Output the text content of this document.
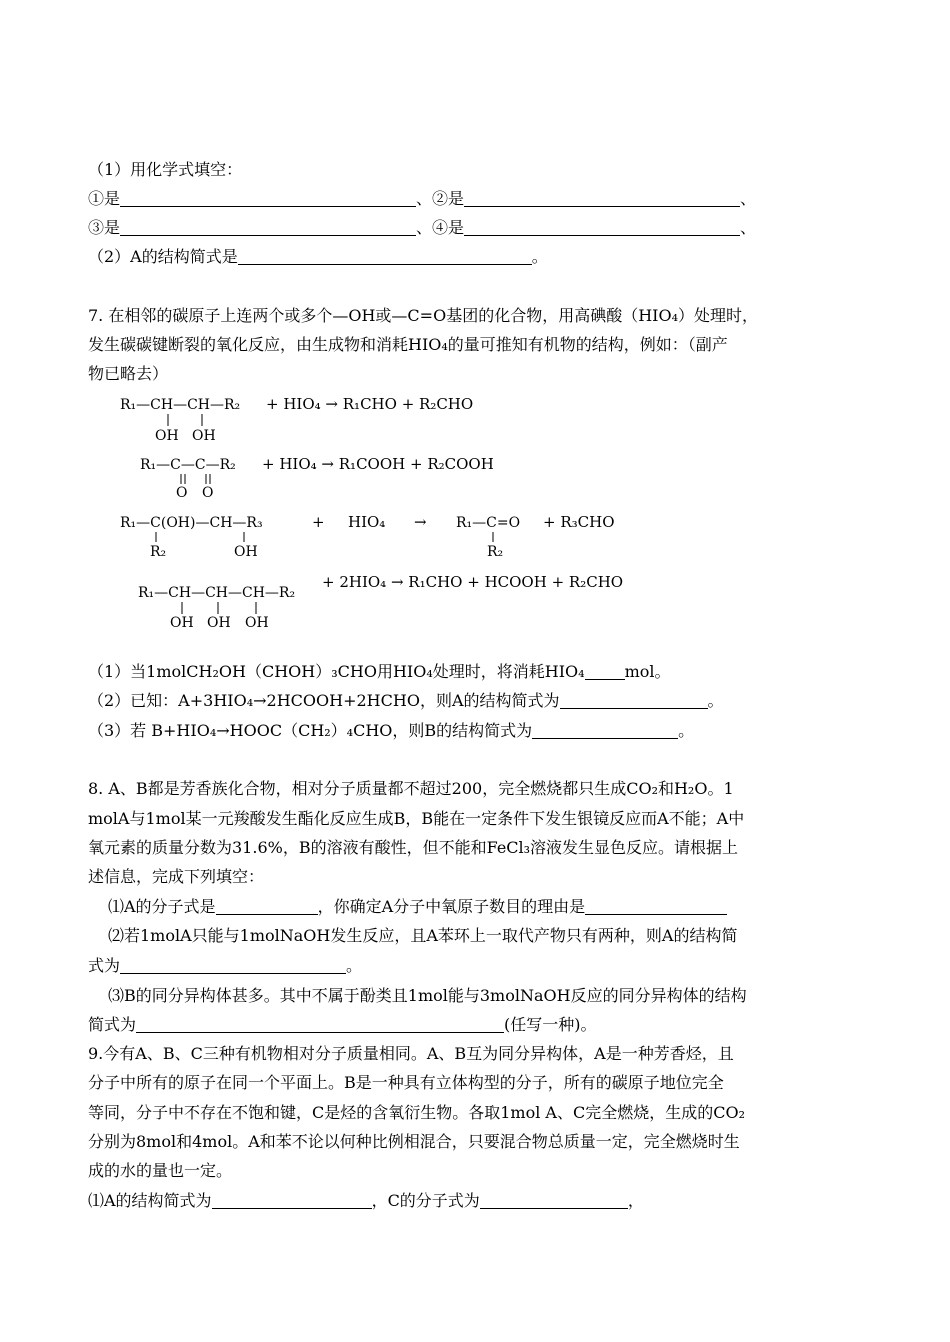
（1）用化学式填空：
①是	、②是	、
③是	、④是	、
（2）A的结构简式是	。
7. 在相邻的碳原子上连两个或多个—OH或—C=O基团的化合物，用高碘酸（HIO₄）处理时，
发生碳碳键断裂的氧化反应，由生成物和消耗HIO₄的量可推知有机物的结构，例如：（副产
物已略去）
R₁—CH—CH—R₂
OH OH
R₁—C—C—R₂
O O
R₁—C(OH)—CH—R₃
R₂	OH
R₁—C=O
R₂
R₁—CH—CH—CH—R₂
OH OH OH
+ HIO₄ → R₁CHO + R₂CHO
+ HIO₄ → R₁COOH + R₂COOH
+ HIO₄ →	+ R₃CHO
+ 2HIO₄ → R₁CHO + HCOOH + R₂CHO
（1）当1molCH₂OH（CHOH）₃CHO用HIO₄处理时，将消耗HIO₄	mol。
（2）已知：A+3HIO₄→2HCOOH+2HCHO，则A的结构简式为	。
（3）若 B+HIO₄→HOOC（CH₂）₄CHO，则B的结构简式为	。
8. A、B都是芳香族化合物，相对分子质量都不超过200，完全燃烧都只生成CO₂和H₂O。1
molA与1mol某一元羧酸发生酯化反应生成B，B能在一定条件下发生银镜反应而A不能；A中
氧元素的质量分数为31.6%，B的溶液有酸性，但不能和FeCl₃溶液发生显色反应。请根据上
述信息，完成下列填空：
⑴A的分子式是	，你确定A分子中氧原子数目的理由是
⑵若1molA只能与1molNaOH发生反应，且A苯环上一取代产物只有两种，则A的结构简
式为	。
⑶B的同分异构体甚多。其中不属于酚类且1mol能与3molNaOH反应的同分异构体的结构
简式为	(任写一种)。
9.今有A、B、C三种有机物相对分子质量相同。A、B互为同分异构体，A是一种芳香烃，且
分子中所有的原子在同一个平面上。B是一种具有立体构型的分子，所有的碳原子地位完全
等同，分子中不存在不饱和键，C是烃的含氧衍生物。各取1mol A、C完全燃烧，生成的CO₂
分别为8mol和4mol。A和苯不论以何种比例相混合，只要混合物总质量一定，完全燃烧时生
成的水的量也一定。
⑴A的结构简式为	，C的分子式为	，
